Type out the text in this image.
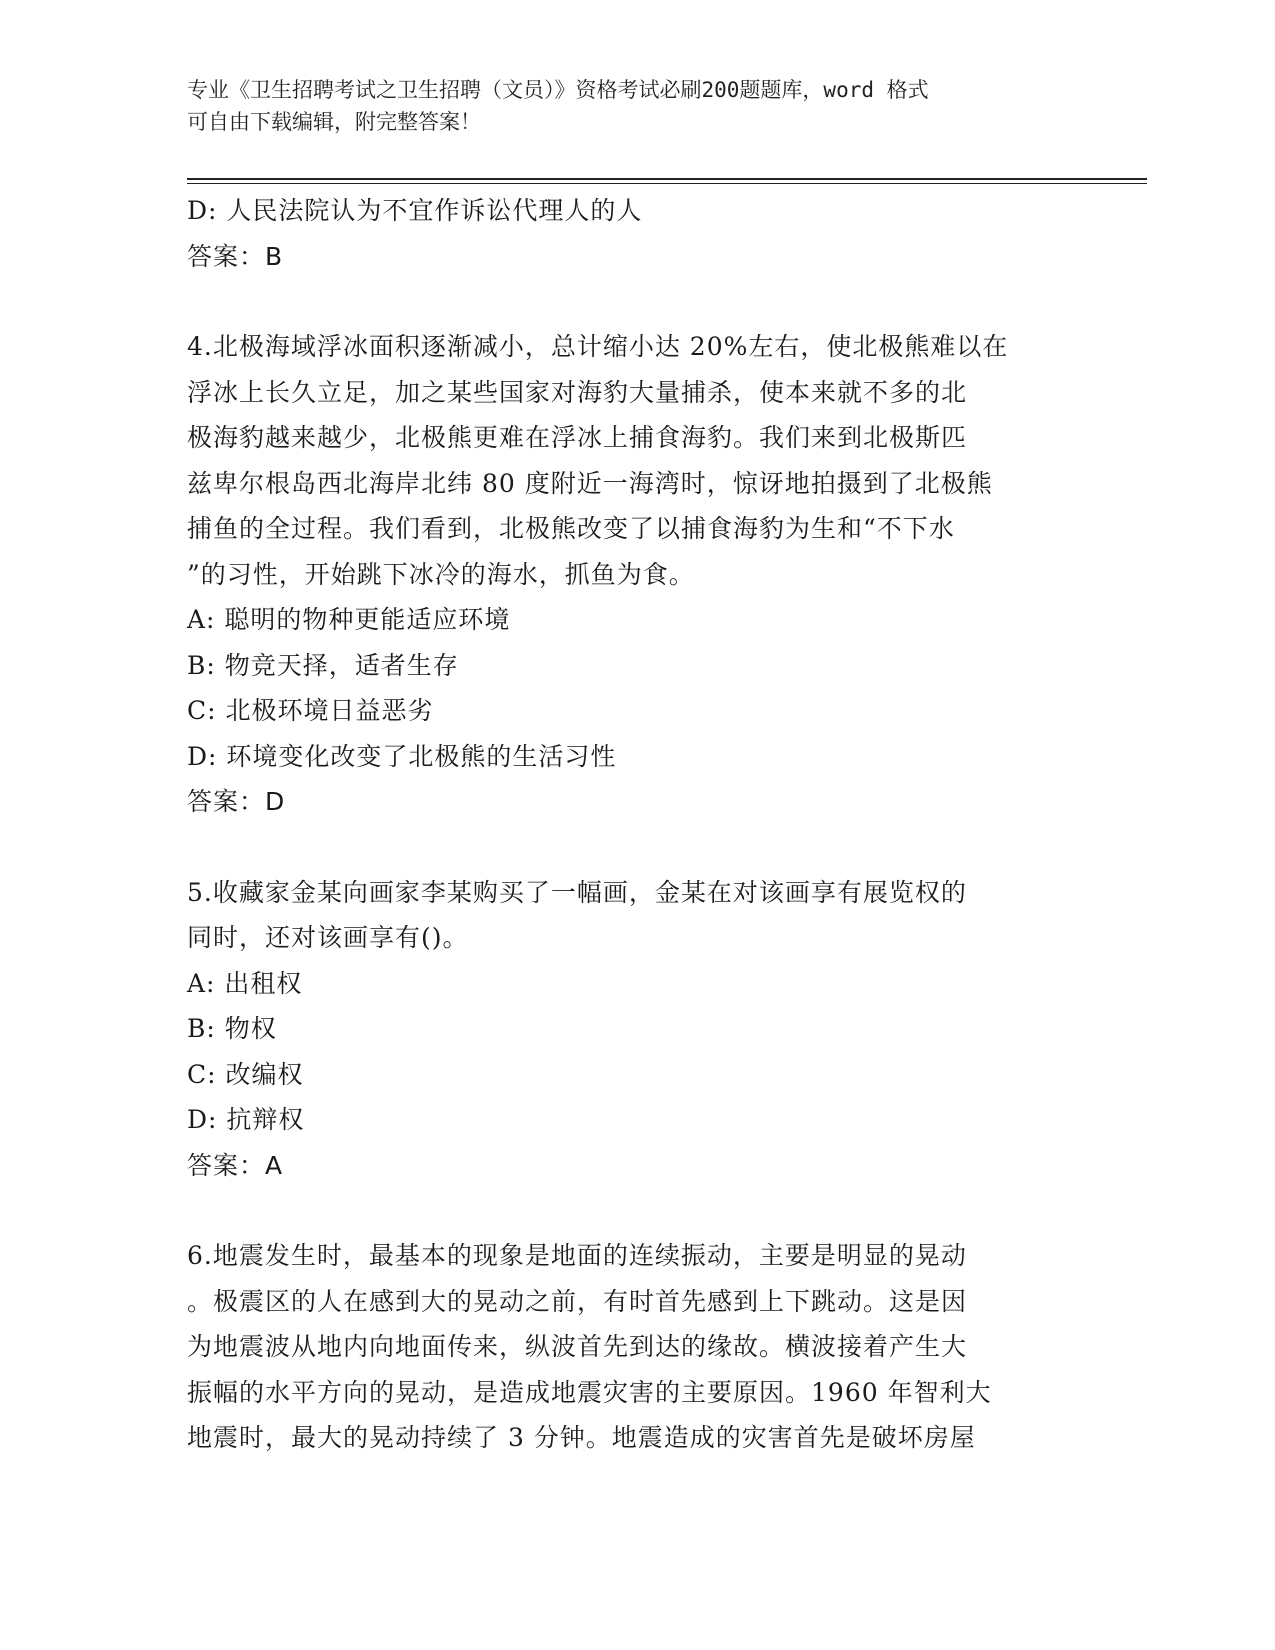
专业《卫生招聘考试之卫生招聘（文员）》资格考试必刷200题题库，word 格式
可自由下载编辑，附完整答案！

D: 人民法院认为不宜作诉讼代理人的人

答案：B

4.北极海域浮冰面积逐渐减小，总计缩小达 20%左右，使北极熊难以在

浮冰上长久立足，加之某些国家对海豹大量捕杀，使本来就不多的北

极海豹越来越少，北极熊更难在浮冰上捕食海豹。我们来到北极斯匹

兹卑尔根岛西北海岸北纬 80 度附近一海湾时，惊讶地拍摄到了北极熊

捕鱼的全过程。我们看到，北极熊改变了以捕食海豹为生和“不下水

”的习性，开始跳下冰冷的海水，抓鱼为食。

A: 聪明的物种更能适应环境

B: 物竞天择，适者生存

C: 北极环境日益恶劣

D: 环境变化改变了北极熊的生活习性

答案：D

5.收藏家金某向画家李某购买了一幅画，金某在对该画享有展览权的

同时，还对该画享有()。

A: 出租权

B: 物权

C: 改编权

D: 抗辩权

答案：A

6.地震发生时，最基本的现象是地面的连续振动，主要是明显的晃动

。极震区的人在感到大的晃动之前，有时首先感到上下跳动。这是因

为地震波从地内向地面传来，纵波首先到达的缘故。横波接着产生大

振幅的水平方向的晃动，是造成地震灾害的主要原因。1960 年智利大

地震时，最大的晃动持续了 3 分钟。地震造成的灾害首先是破坏房屋
